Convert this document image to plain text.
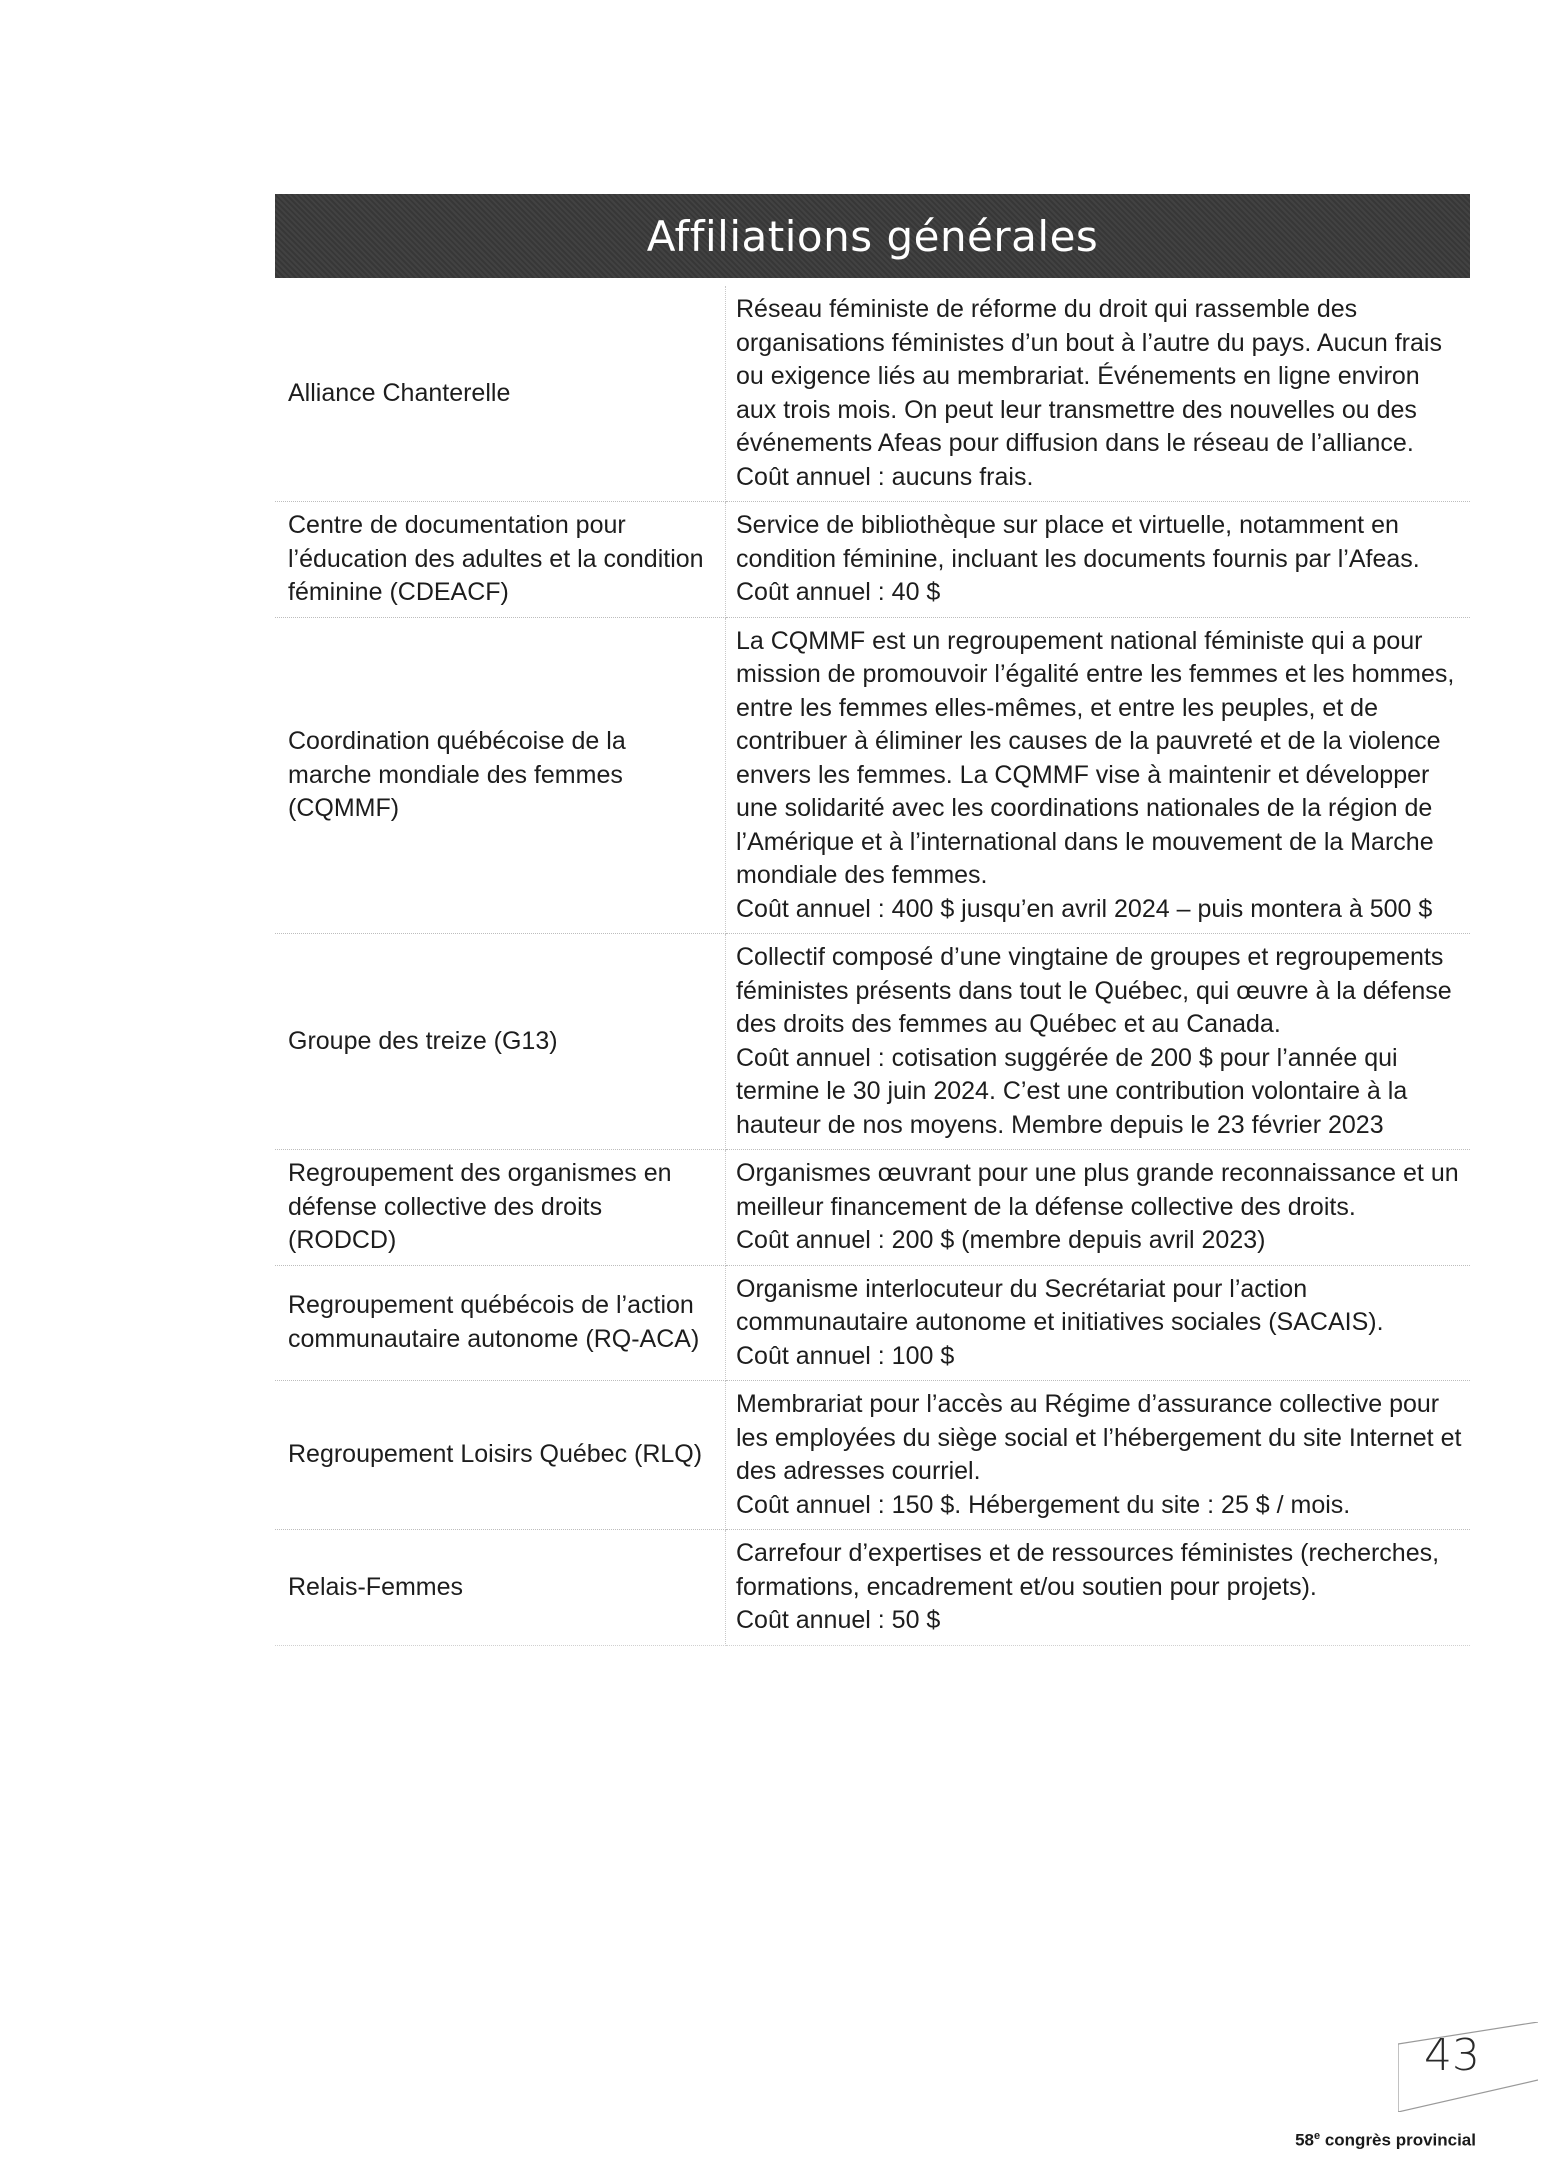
Affiliations générales
Alliance Chanterelle	Réseau féministe de réforme du droit qui rassemble des organisations féministes d’un bout à l’autre du pays. Aucun frais ou exigence liés au membrariat. Événements en ligne environ aux trois mois. On peut leur transmettre des nouvelles ou des événements Afeas pour diffusion dans le réseau de l’alliance.
Coût annuel : aucuns frais.

Centre de documentation pour l’éducation des adultes et la condition féminine (CDEACF)	Service de bibliothèque sur place et virtuelle, notamment en condition féminine, incluant les documents fournis par l’Afeas.
Coût annuel : 40 $

Coordination québécoise de la marche mondiale des femmes (CQMMF)	La CQMMF est un regroupement national féministe qui a pour mission de promouvoir l’égalité entre les femmes et les hommes, entre les femmes elles-mêmes, et entre les peuples, et de contribuer à éliminer les causes de la pauvreté et de la violence envers les femmes. La CQMMF vise à maintenir et développer une solidarité avec les coordinations nationales de la région de l’Amérique et à l’international dans le mouvement de la Marche mondiale des femmes.
Coût annuel : 400 $ jusqu’en avril 2024 – puis montera à 500 $

Groupe des treize (G13)	Collectif composé d’une vingtaine de groupes et regroupements féministes présents dans tout le Québec, qui œuvre à la défense des droits des femmes au Québec et au Canada.
Coût annuel : cotisation suggérée de 200 $ pour l’année qui termine le 30 juin 2024. C’est une contribution volontaire à la hauteur de nos moyens. Membre depuis le 23 février 2023

Regroupement des organismes en défense collective des droits (RODCD)	Organismes œuvrant pour une plus grande reconnaissance et un meilleur financement de la défense collective des droits.
Coût annuel : 200 $ (membre depuis avril 2023)

Regroupement québécois de l’action communautaire autonome (RQ-ACA)	Organisme interlocuteur du Secrétariat pour l’action communautaire autonome et initiatives sociales (SACAIS).
Coût annuel : 100 $

Regroupement Loisirs Québec (RLQ)	Membrariat pour l’accès au Régime d’assurance collective pour les employées du siège social et l’hébergement du site Internet et des adresses courriel.
Coût annuel : 150 $. Hébergement du site : 25 $ / mois.

Relais-Femmes	Carrefour d’expertises et de ressources féministes (recherches, formations, encadrement et/ou soutien pour projets).
Coût annuel : 50 $
43
58e congrès provincial
